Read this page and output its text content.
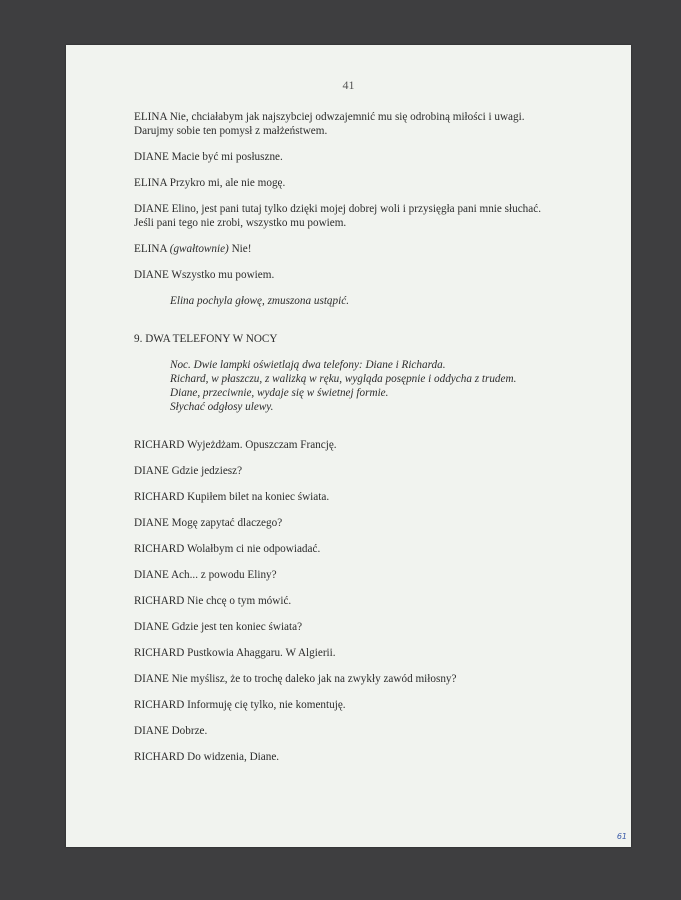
41
ELINA Nie, chciałabym jak najszybciej odwzajemnić mu się odrobiną miłości i uwagi.
Darujmy sobie ten pomysł z małżeństwem.
DIANE Macie być mi posłuszne.
ELINA Przykro mi, ale nie mogę.
DIANE Elino, jest pani tutaj tylko dzięki mojej dobrej woli i przysięgła pani mnie słuchać.
Jeśli pani tego nie zrobi, wszystko mu powiem.
ELINA (gwałtownie) Nie!
DIANE Wszystko mu powiem.
Elina pochyla głowę, zmuszona ustąpić.
9. DWA TELEFONY W NOCY
Noc. Dwie lampki oświetlają dwa telefony: Diane i Richarda.
Richard, w płaszczu, z walizką w ręku, wygląda posępnie i oddycha z trudem.
Diane, przeciwnie, wydaje się w świetnej formie.
Słychać odgłosy ulewy.
RICHARD Wyjeżdżam. Opuszczam Francję.
DIANE Gdzie jedziesz?
RICHARD Kupiłem bilet na koniec świata.
DIANE Mogę zapytać dlaczego?
RICHARD Wolałbym ci nie odpowiadać.
DIANE Ach... z powodu Eliny?
RICHARD Nie chcę o tym mówić.
DIANE Gdzie jest ten koniec świata?
RICHARD Pustkowia Ahaggaru. W Algierii.
DIANE Nie myślisz, że to trochę daleko jak na zwykły zawód miłosny?
RICHARD Informuję cię tylko, nie komentuję.
DIANE Dobrze.
RICHARD Do widzenia, Diane.
61
